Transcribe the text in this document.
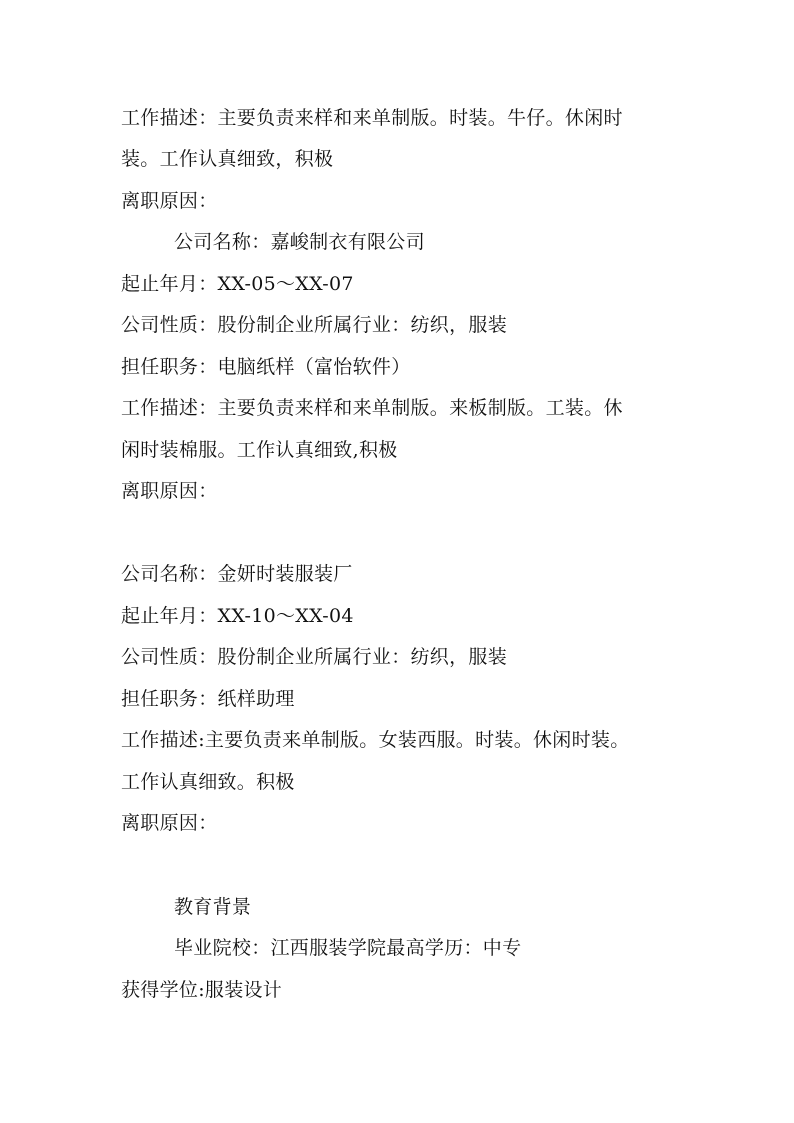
工作描述：主要负责来样和来单制版。时装。牛仔。休闲时
装。工作认真细致，积极
离职原因：
公司名称：嘉峻制衣有限公司
起止年月：XX-05～XX-07
公司性质：股份制企业所属行业：纺织，服装
担任职务：电脑纸样（富怡软件）
工作描述：主要负责来样和来单制版。来板制版。工装。休
闲时装棉服。工作认真细致,积极
离职原因：
公司名称：金妍时装服装厂
起止年月：XX-10～XX-04
公司性质：股份制企业所属行业：纺织，服装
担任职务：纸样助理
工作描述:主要负责来单制版。女装西服。时装。休闲时装。
工作认真细致。积极
离职原因：
教育背景
毕业院校：江西服装学院最高学历：中专
获得学位:服装设计
